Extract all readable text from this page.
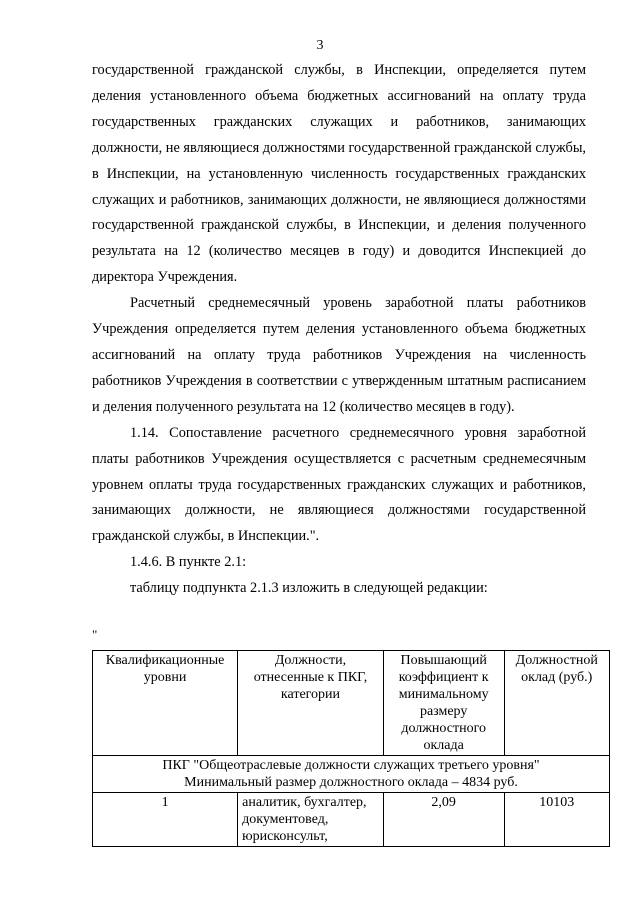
3

государственной гражданской службы, в Инспекции, определяется путем деления установленного объема бюджетных ассигнований на оплату труда государственных гражданских служащих и работников, занимающих должности, не являющиеся должностями государственной гражданской службы, в Инспекции, на установленную численность государственных гражданских служащих и работников, занимающих должности, не являющиеся должностями государственной гражданской службы, в Инспекции, и деления полученного результата на 12 (количество месяцев в году) и доводится Инспекцией до директора Учреждения.

Расчетный среднемесячный уровень заработной платы работников Учреждения определяется путем деления установленного объема бюджетных ассигнований на оплату труда работников Учреждения на численность работников Учреждения в соответствии с утвержденным штатным расписанием и деления полученного результата на 12 (количество месяцев в году).

1.14. Сопоставление расчетного среднемесячного уровня заработной платы работников Учреждения осуществляется с расчетным среднемесячным уровнем оплаты труда государственных гражданских служащих и работников, занимающих должности, не являющиеся должностями государственной гражданской службы, в Инспекции.".

1.4.6. В пункте 2.1:

таблицу подпункта 2.1.3 изложить в следующей редакции:

"
Квалификационные уровни	Должности, отнесенные к ПКГ, категории	Повышающий коэффициент к минимальному размеру должностного оклада	Должностной оклад (руб.)

ПКГ "Общеотраслевые должности служащих третьего уровня"
Минимальный размер должностного оклада – 4834 руб.			

1	аналитик, бухгалтер, документовед, юрисконсульт,	2,09	10103
